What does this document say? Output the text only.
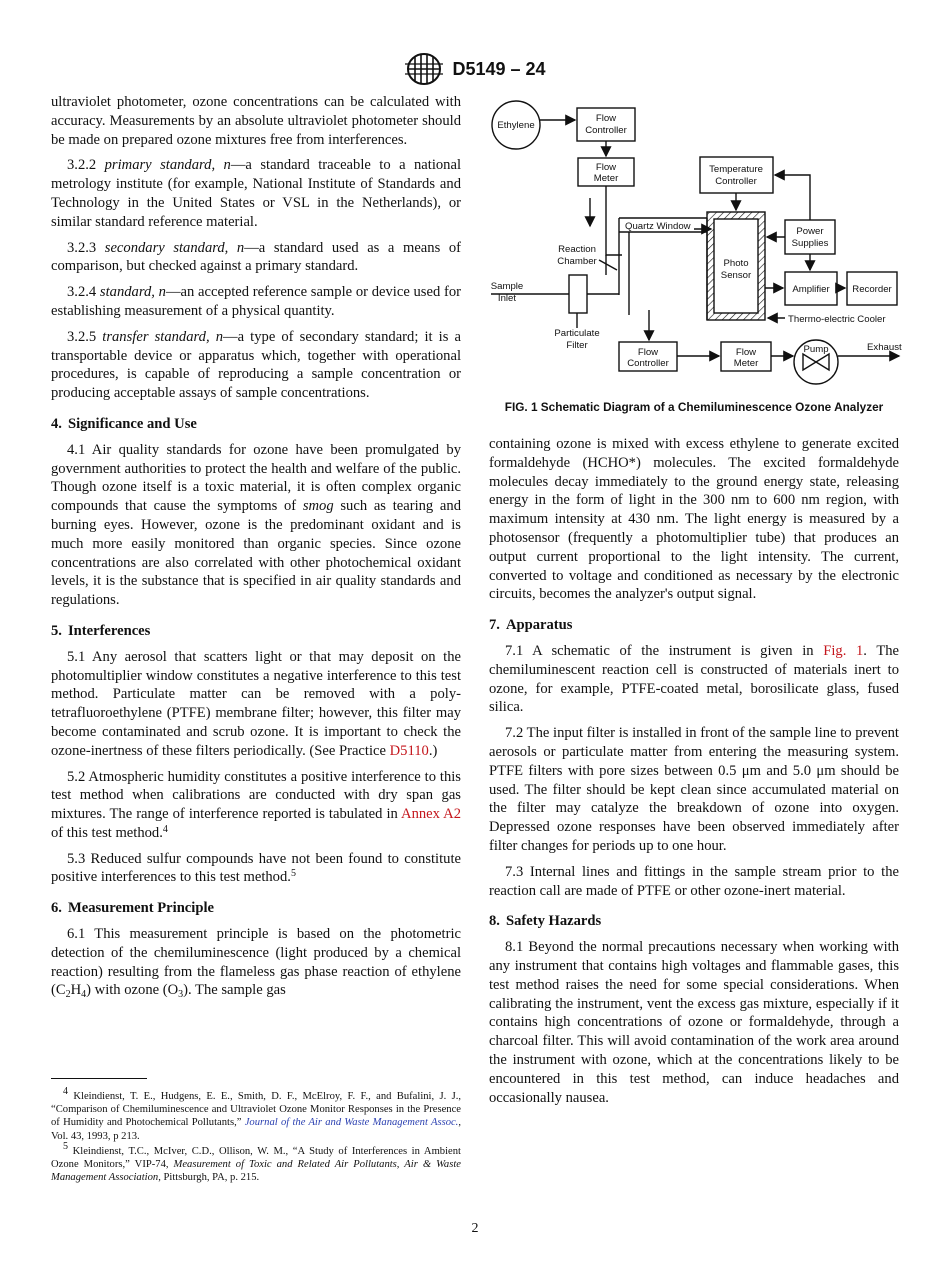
D5149 – 24

ultraviolet photometer, ozone concentrations can be calculated with accuracy. Measurements by an absolute ultraviolet photometer should be made on prepared ozone mixtures free from interferences.

3.2.2 primary standard, n—a standard traceable to a national metrology institute (for example, National Institute of Standards and Technology in the United States or VSL in the Netherlands), or similar standard reference material.

3.2.3 secondary standard, n—a standard used as a means of comparison, but checked against a primary standard.

3.2.4 standard, n—an accepted reference sample or device used for establishing measurement of a physical quantity.

3.2.5 transfer standard, n—a type of secondary standard; it is a transportable device or apparatus which, together with operational procedures, is capable of reproducing a sample concentration or producing acceptable assays of sample concentrations.

4. Significance and Use

4.1 Air quality standards for ozone have been promulgated by government authorities to protect the health and welfare of the public. Though ozone itself is a toxic material, it is often complex organic compounds that cause the symptoms of smog such as tearing and burning eyes. However, ozone is the predominant oxidant and is much more easily monitored than organic species. Since ozone concentrations are also correlated with other photochemical oxidant levels, it is the substance that is specified in air quality standards and regulations.

5. Interferences

5.1 Any aerosol that scatters light or that may deposit on the photomultiplier window constitutes a negative interference to this test method. Particulate matter can be removed with a poly-tetrafluoroethylene (PTFE) membrane filter; however, this filter may become contaminated and scrub ozone. It is important to check the ozone-inertness of these filters periodically. (See Practice D5110.)

5.2 Atmospheric humidity constitutes a positive interference to this test method when calibrations are conducted with dry span gas mixtures. The range of interference reported is tabulated in Annex A2 of this test method.$^4$

5.3 Reduced sulfur compounds have not been found to constitute positive interferences to this test method.$^5$

6. Measurement Principle

6.1 This measurement principle is based on the photometric detection of the chemiluminescence (light produced by a chemical reaction) resulting from the flameless gas phase reaction of ethylene $(C_2H_4)$ with ozone $(O_3)$. The sample gas

Ethylene
Flow
Controller
Flow
Meter
Temperature
Controller
Quartz Window	Power
Supplies
Reaction
Chamber	Photo
Sensor
Sample
Inlet
Amplifier Recorder
Particulate
Filter
Thermo-electric Cooler
Flow
Controller
Flow
Meter
Pump	Exhaust
FIG. 1 Schematic Diagram of a Chemiluminescence Ozone Analyzer

containing ozone is mixed with excess ethylene to generate excited formaldehyde (HCHO*) molecules. The excited formaldehyde molecules decay immediately to the ground energy state, releasing energy in the form of light in the 300 nm to 600 nm region, with maximum intensity at 430 nm. The light energy is measured by a photosensor (frequently a photomultiplier tube) that produces an output current proportional to the light intensity. The current, converted to voltage and conditioned as necessary by the electronic circuits, becomes the analyzer's output signal.

7. Apparatus

7.1 A schematic of the instrument is given in Fig. 1. The chemiluminescent reaction cell is constructed of materials inert to ozone, for example, PTFE-coated metal, borosilicate glass, fused silica.

7.2 The input filter is installed in front of the sample line to prevent aerosols or particulate matter from entering the measuring system. PTFE filters with pore sizes between 0.5 μm and 5.0 μm should be used. The filter should be kept clean since accumulated material on the filter may catalyze the breakdown of ozone into oxygen. Depressed ozone responses have been observed immediately after filter changes for periods up to one hour.

7.3 Internal lines and fittings in the sample stream prior to the reaction call are made of PTFE or other ozone-inert material.

8. Safety Hazards

8.1 Beyond the normal precautions necessary when working with any instrument that contains high voltages and flammable gases, this test method raises the need for some special considerations. When calibrating the instrument, vent the excess gas mixture, especially if it contains high concentrations of ozone or formaldehyde, through a charcoal filter. This will avoid contamination of the work area around the instrument with ozone, which at the concentrations likely to be encountered in this test method, can induce headaches and occasionally nausea.

$^4$ Kleindienst, T. E., Hudgens, E. E., Smith, D. F., McElroy, F. F., and Bufalini, J. J., “Comparison of Chemiluminescence and Ultraviolet Ozone Monitor Responses in the Presence of Humidity and Photochemical Pollutants,” Journal of the Air and Waste Management Assoc., Vol. 43, 1993, p 213.

$^5$ Kleindienst, T.C., McIver, C.D., Ollison, W. M., “A Study of Interferences in Ambient Ozone Monitors,” VIP-74, Measurement of Toxic and Related Air Pollutants, Air & Waste Management Association, Pittsburgh, PA, p. 215.

2
